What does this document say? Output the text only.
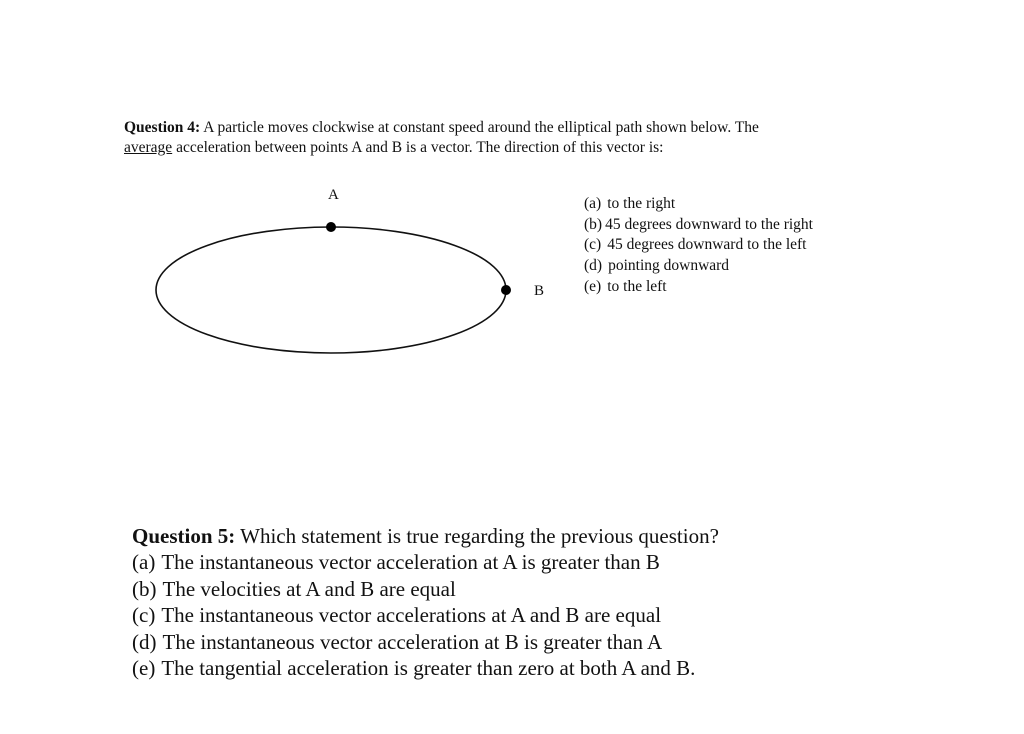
Question 4: A particle moves clockwise at constant speed around the elliptical path shown below. The
average acceleration between points A and B is a vector. The direction of this vector is:
A
B
(a) to the right
(b) 45 degrees downward to the right
(c) 45 degrees downward to the left
(d) pointing downward
(e) to the left
Question 5: Which statement is true regarding the previous question?
(a) The instantaneous vector acceleration at A is greater than B
(b) The velocities at A and B are equal
(c) The instantaneous vector accelerations at A and B are equal
(d) The instantaneous vector acceleration at B is greater than A
(e) The tangential acceleration is greater than zero at both A and B.
